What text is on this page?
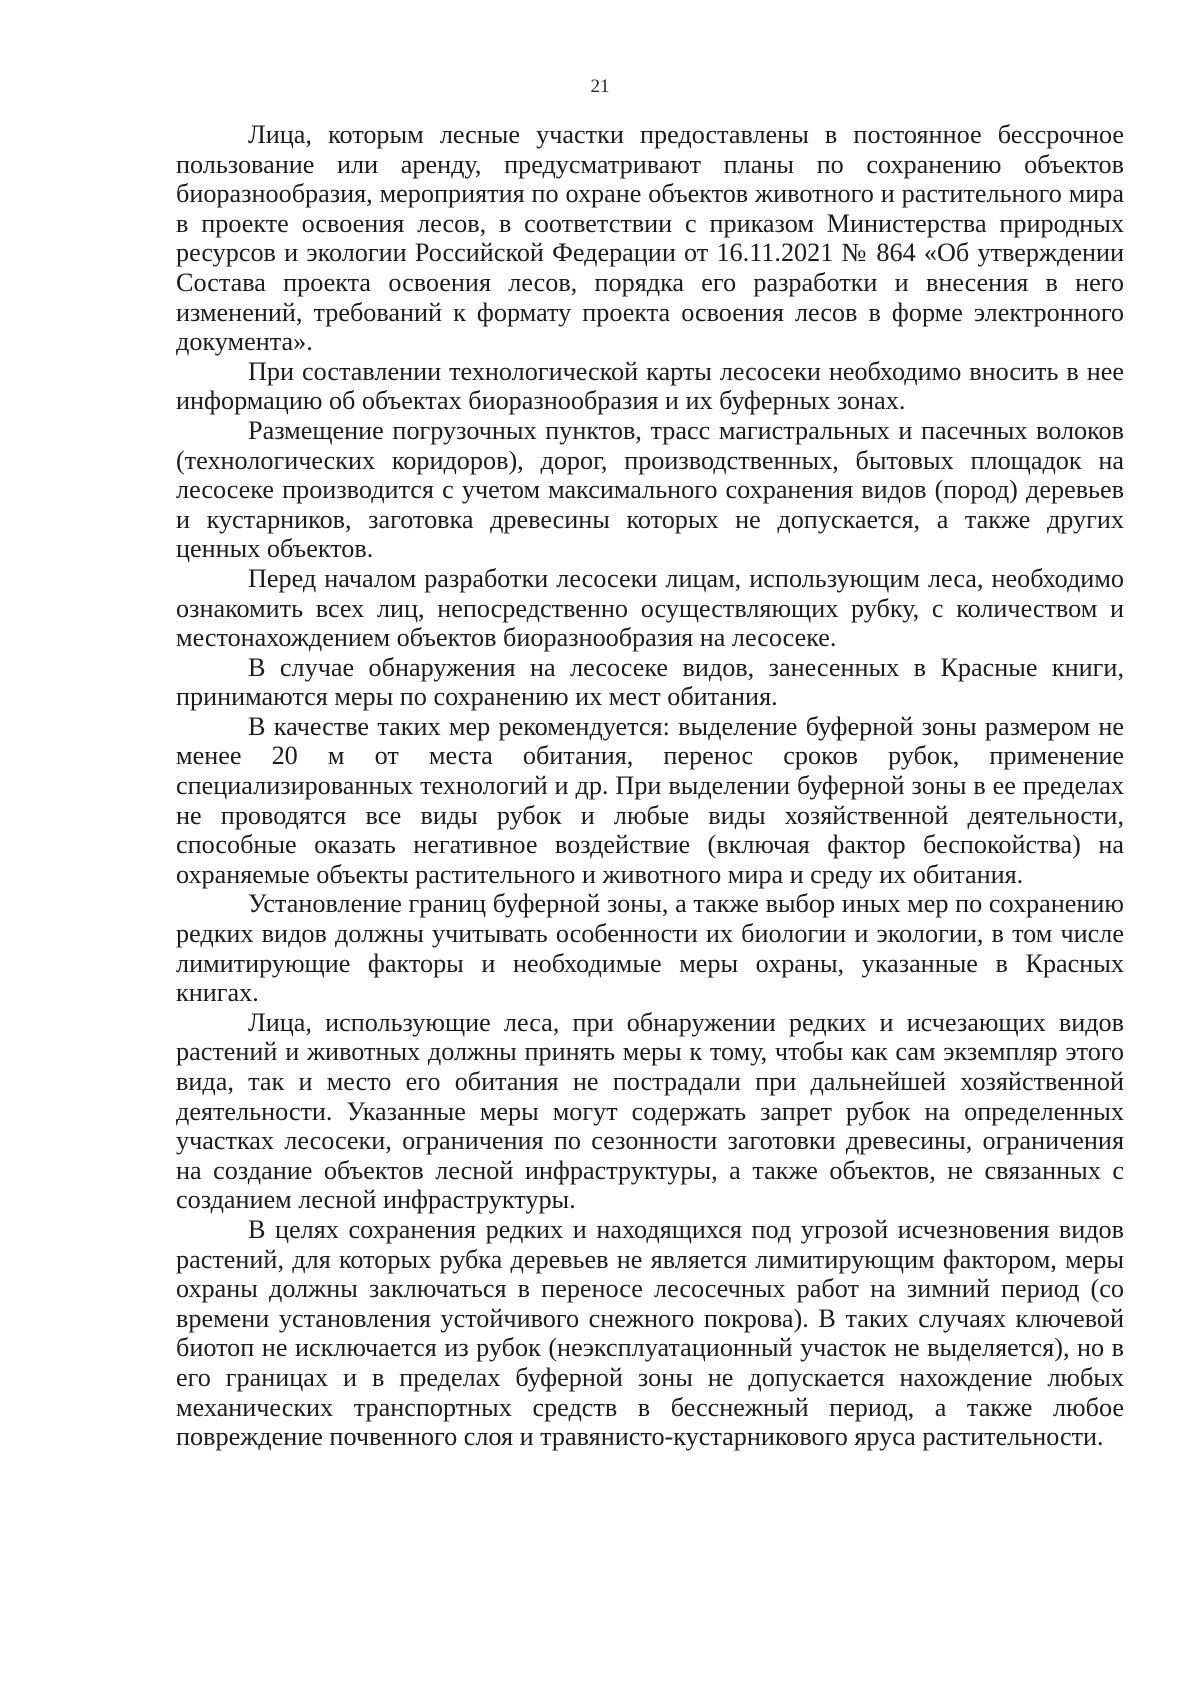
21

Лица, которым лесные участки предоставлены в постоянное бессрочное пользование или аренду, предусматривают планы по сохранению объектов биоразнообразия, мероприятия по охране объектов животного и растительного мира в проекте освоения лесов, в соответствии с приказом Министерства природных ресурсов и экологии Российской Федерации от 16.11.2021 № 864 «Об утверждении Состава проекта освоения лесов, порядка его разработки и внесения в него изменений, требований к формату проекта освоения лесов в форме электронного документа».

При составлении технологической карты лесосеки необходимо вносить в нее информацию об объектах биоразнообразия и их буферных зонах.

Размещение погрузочных пунктов, трасс магистральных и пасечных волоков (технологических коридоров), дорог, производственных, бытовых площадок на лесосеке производится с учетом максимального сохранения видов (пород) деревьев и кустарников, заготовка древесины которых не допускается, а также других ценных объектов.

Перед началом разработки лесосеки лицам, использующим леса, необходимо ознакомить всех лиц, непосредственно осуществляющих рубку, с количеством и местонахождением объектов биоразнообразия на лесосеке.

В случае обнаружения на лесосеке видов, занесенных в Красные книги, принимаются меры по сохранению их мест обитания.

В качестве таких мер рекомендуется: выделение буферной зоны размером не менее 20 м от места обитания, перенос сроков рубок, применение специализированных технологий и др. При выделении буферной зоны в ее пределах не проводятся все виды рубок и любые виды хозяйственной деятельности, способные оказать негативное воздействие (включая фактор беспокойства) на охраняемые объекты растительного и животного мира и среду их обитания.

Установление границ буферной зоны, а также выбор иных мер по сохранению редких видов должны учитывать особенности их биологии и экологии, в том числе лимитирующие факторы и необходимые меры охраны, указанные в Красных книгах.

Лица, использующие леса, при обнаружении редких и исчезающих видов растений и животных должны принять меры к тому, чтобы как сам экземпляр этого вида, так и место его обитания не пострадали при дальнейшей хозяйственной деятельности. Указанные меры могут содержать запрет рубок на определенных участках лесосеки, ограничения по сезонности заготовки древесины, ограничения на создание объектов лесной инфраструктуры, а также объектов, не связанных с созданием лесной инфраструктуры.

В целях сохранения редких и находящихся под угрозой исчезновения видов растений, для которых рубка деревьев не является лимитирующим фактором, меры охраны должны заключаться в переносе лесосечных работ на зимний период (со времени установления устойчивого снежного покрова). В таких случаях ключевой биотоп не исключается из рубок (неэксплуатационный участок не выделяется), но в его границах и в пределах буферной зоны не допускается нахождение любых механических транспортных средств в бесснежный период, а также любое повреждение почвенного слоя и травянисто-кустарникового яруса растительности.
